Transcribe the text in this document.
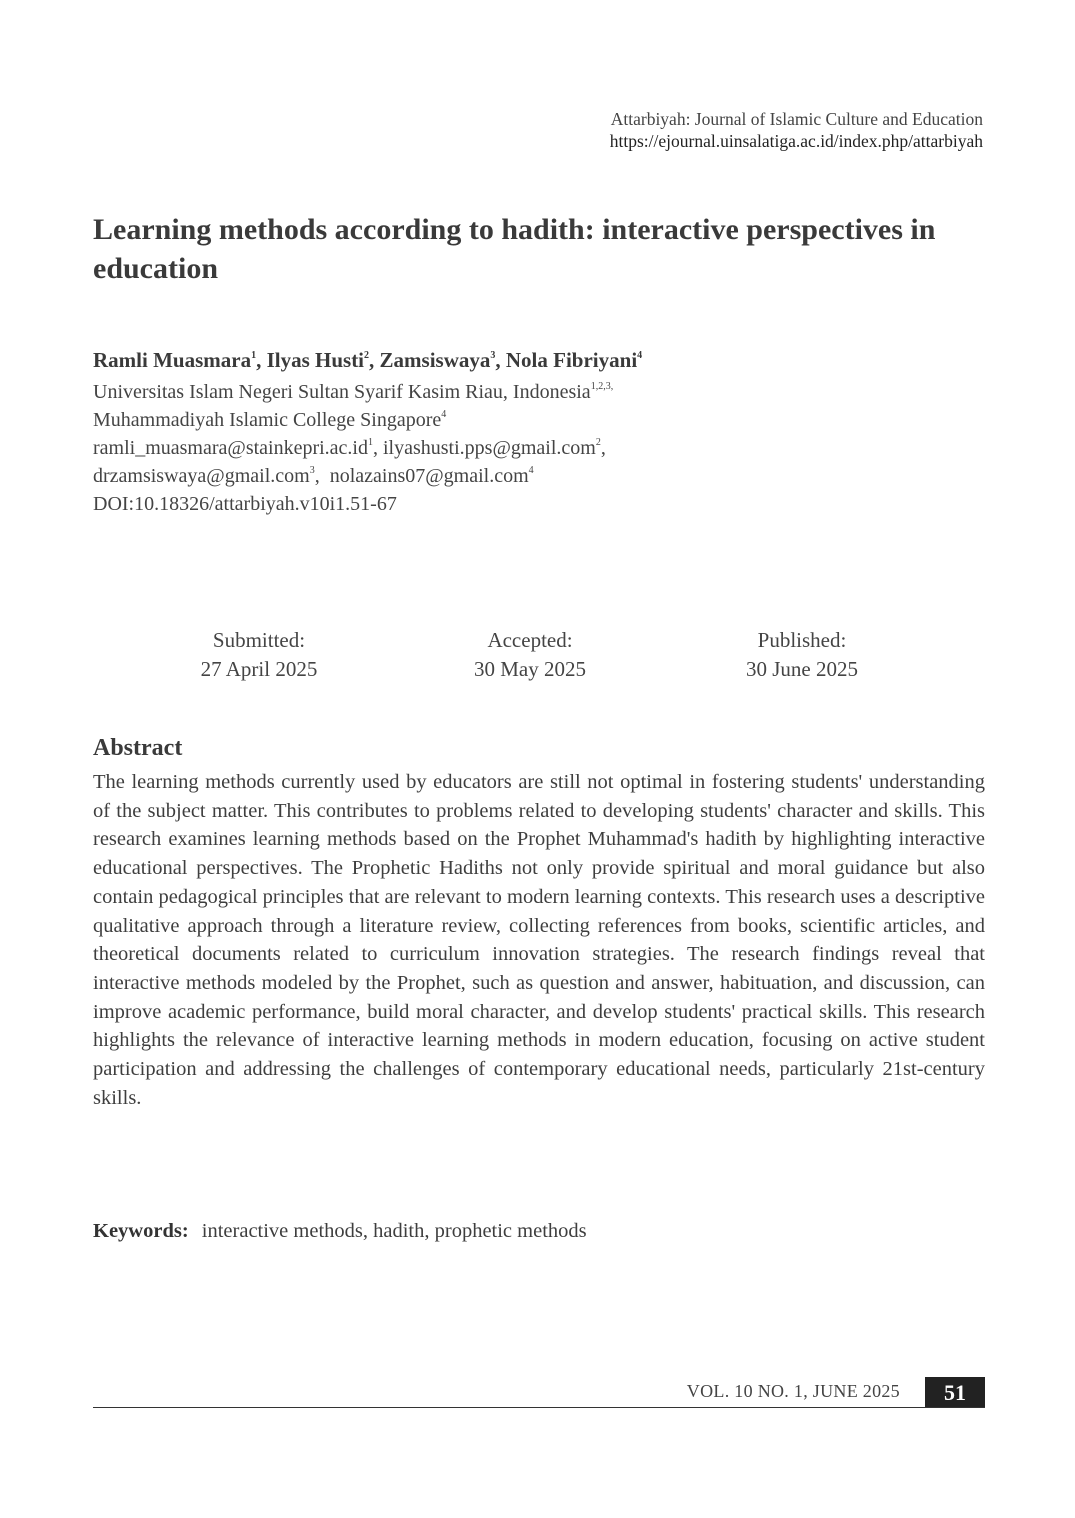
Attarbiyah: Journal of Islamic Culture and Education
https://ejournal.uinsalatiga.ac.id/index.php/attarbiyah
Learning methods according to hadith: interactive perspectives in education
Ramli Muasmara$^1$, Ilyas Husti$^2$, Zamsiswaya$^3$, Nola Fibriyani$^4$
Universitas Islam Negeri Sultan Syarif Kasim Riau, Indonesia$^{1,2,3,}$
Muhammadiyah Islamic College Singapore$^4$
$ramli\_muasmara@stainkepri.ac.id^1$, ilyashusti.pps@gmail.com$^2$,
drzamsiswaya@gmail.com$^3$,  nolazains07@gmail.com$^4$
DOI:10.18326/attarbiyah.v10i1.51-67
Submitted:
27 April 2025
Accepted:
30 May 2025
Published:
30 June 2025
Abstract

The learning methods currently used by educators are still not optimal in fostering students' understanding of the subject matter. This contributes to problems related to developing students' character and skills. This research examines learning methods based on the Prophet Muhammad's hadith by highlighting interactive educational perspectives. The Prophetic Hadiths not only provide spiritual and moral guidance but also contain pedagogical principles that are relevant to modern learning contexts. This research uses a descriptive qualitative approach through a literature review, collecting references from books, scientific articles, and theoretical documents related to curriculum innovation strategies. The research findings reveal that interactive methods modeled by the Prophet, such as question and answer, habituation, and discussion, can improve academic performance, build moral character, and develop students' practical skills. This research highlights the relevance of interactive learning methods in modern education, focusing on active student participation and addressing the challenges of contemporary educational needs, particularly 21st-century skills.

Keywords: interactive methods, hadith, prophetic methods
VOL. 10 NO. 1, JUNE 2025	51
